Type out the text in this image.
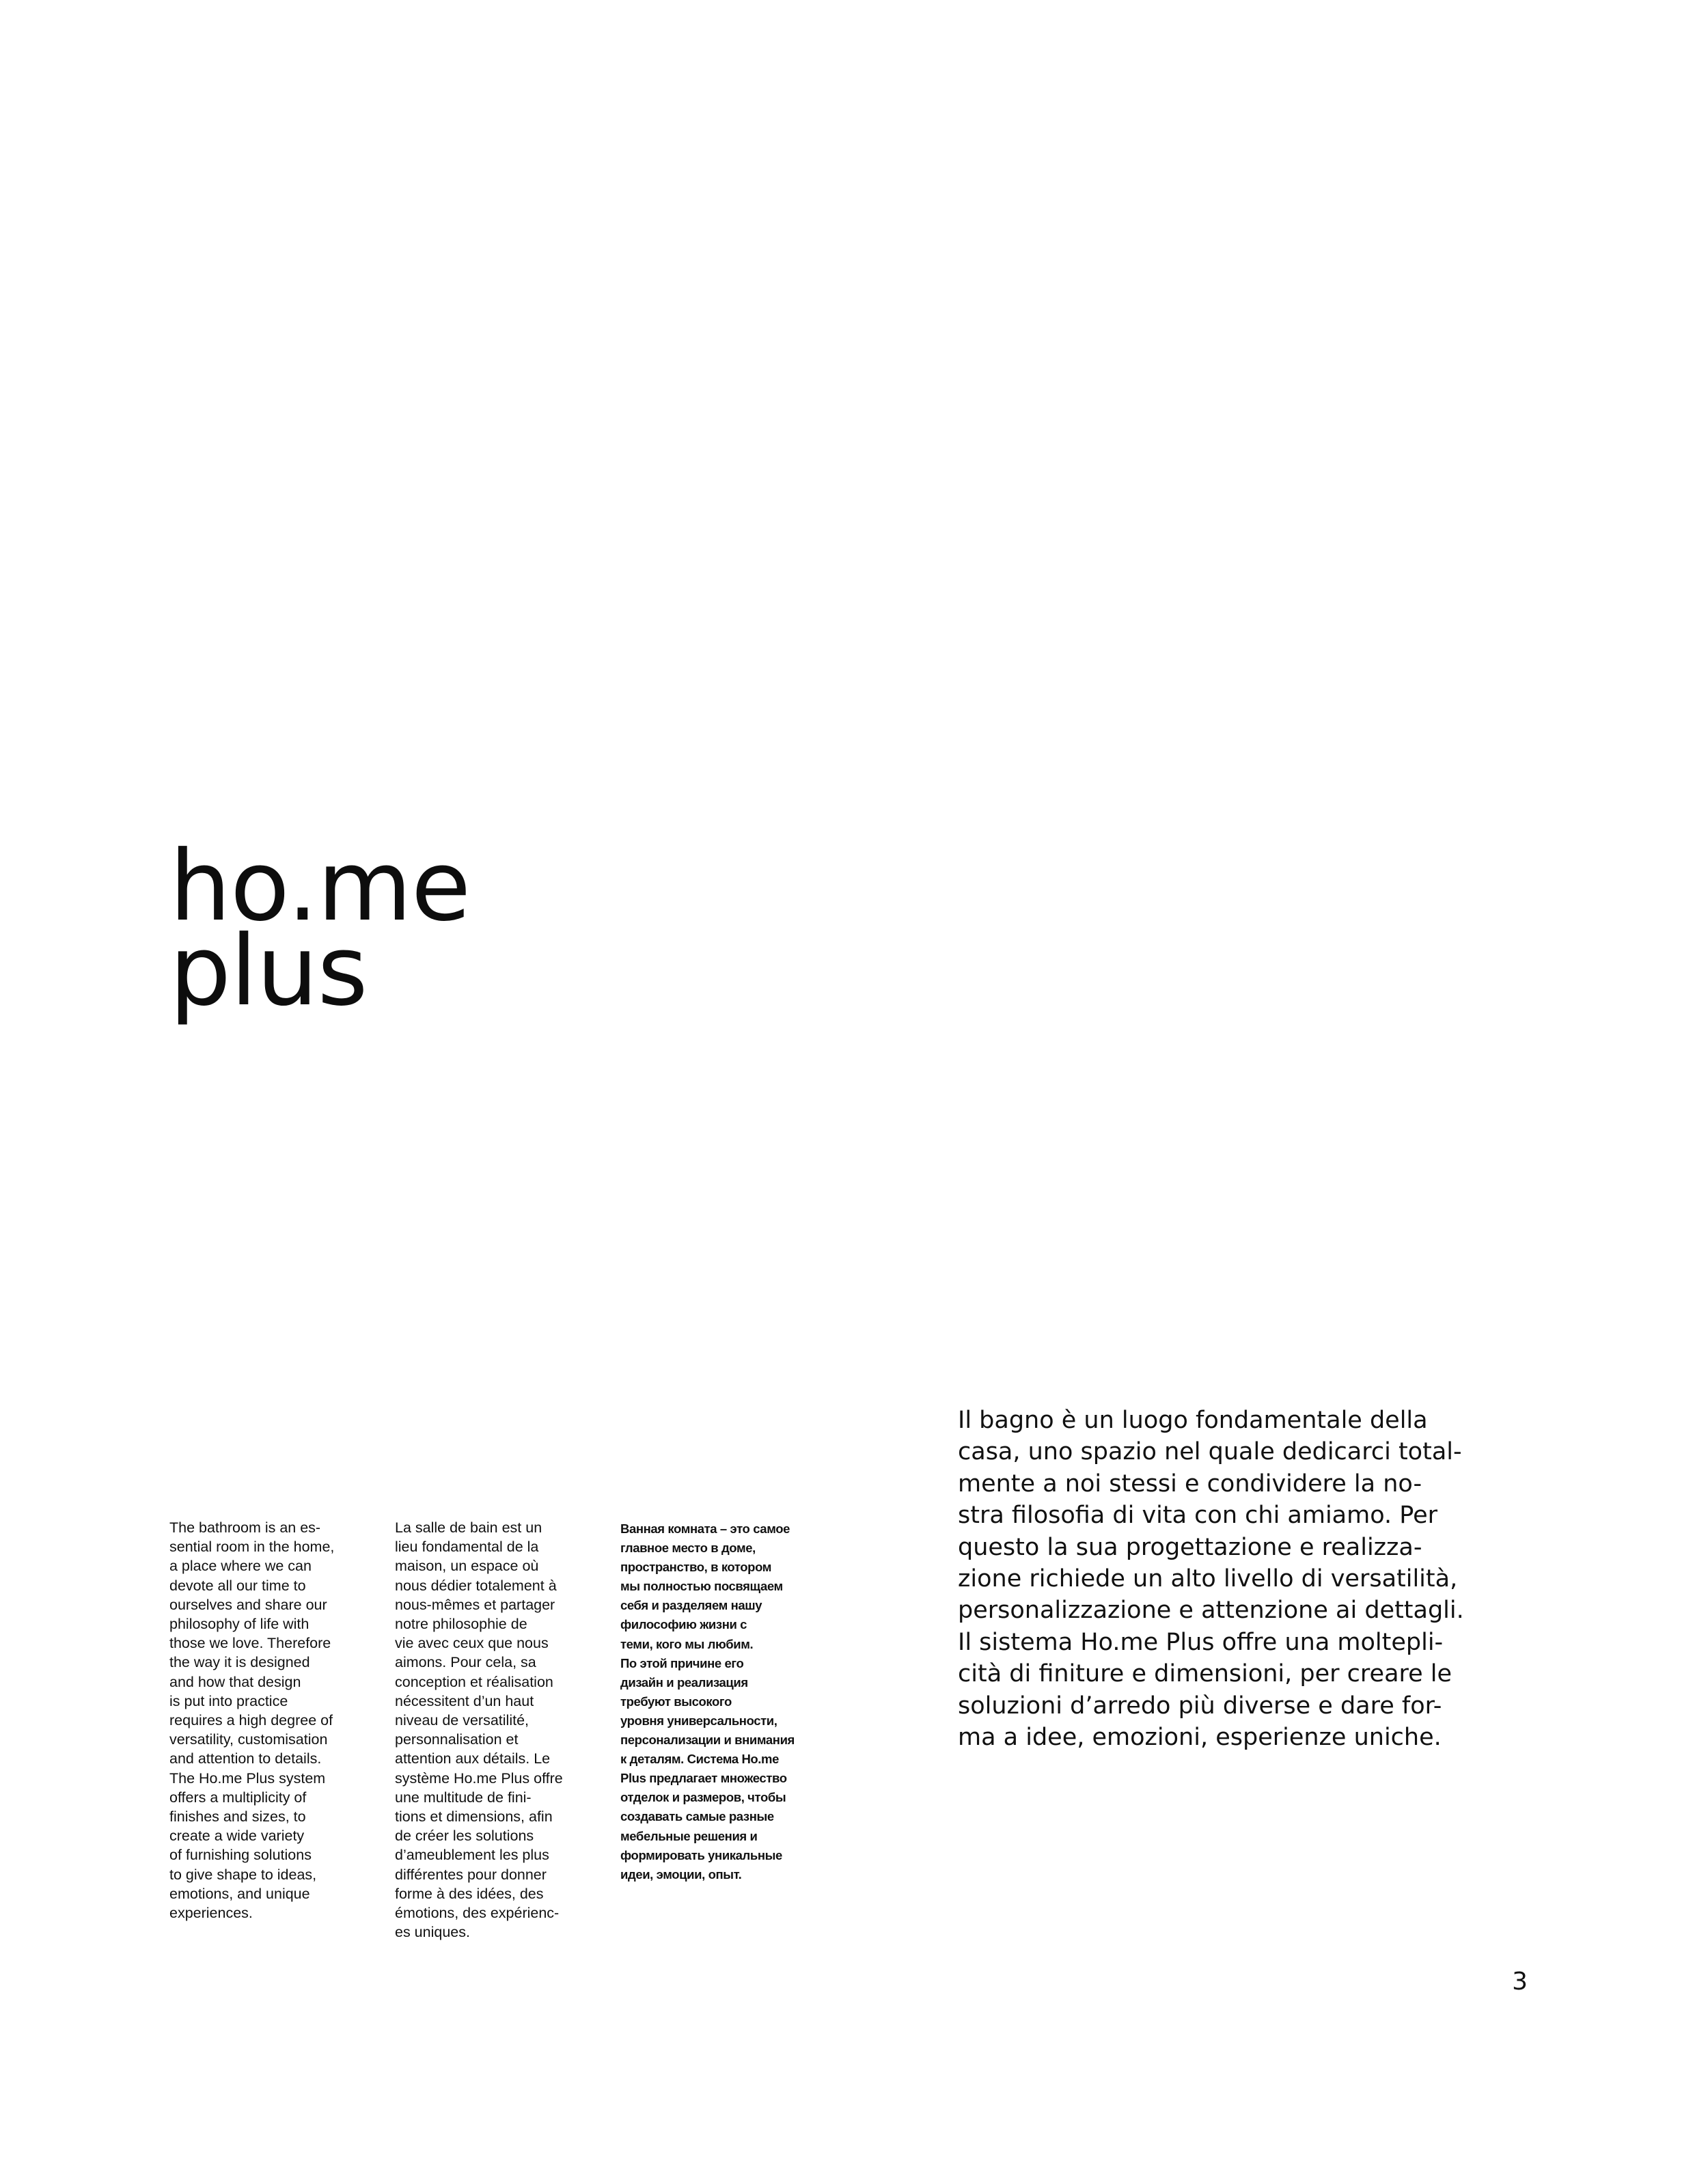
ho.me
plus

The bathroom is an es-
sential room in the home,
a place where we can
devote all our time to
ourselves and share our
philosophy of life with
those we love. Therefore
the way it is designed
and how that design
is put into practice
requires a high degree of
versatility, customisation
and attention to details.
The Ho.me Plus system
offers a multiplicity of
finishes and sizes, to
create a wide variety
of furnishing solutions
to give shape to ideas,
emotions, and unique
experiences.

La salle de bain est un
lieu fondamental de la
maison, un espace où
nous dédier totalement à
nous-mêmes et partager
notre philosophie de
vie avec ceux que nous
aimons. Pour cela, sa
conception et réalisation
nécessitent d’un haut
niveau de versatilité,
personnalisation et
attention aux détails. Le
système Ho.me Plus offre
une multitude de fini-
tions et dimensions, afin
de créer les solutions
d’ameublement les plus
différentes pour donner
forme à des idées, des
émotions, des expérienc-
es uniques.

Ванная комната – это самое
главное место в доме,
пространство, в котором
мы полностью посвящаем
себя и разделяем нашу
философию жизни с
теми, кого мы любим.
По этой причине его
дизайн и реализация
требуют высокого
уровня универсальности,
персонализации и внимания
к деталям. Система Ho.me
Plus предлагает множество
отделок и размеров, чтобы
создавать самые разные
мебельные решения и
формировать уникальные
идеи, эмоции, опыт.

Il bagno è un luogo fondamentale della
casa, uno spazio nel quale dedicarci total-
mente a noi stessi e condividere la no-
stra filosofia di vita con chi amiamo. Per
questo la sua progettazione e realizza-
zione richiede un alto livello di versatilità,
personalizzazione e attenzione ai dettagli.
Il sistema Ho.me Plus offre una moltepli-
cità di finiture e dimensioni, per creare le
soluzioni d’arredo più diverse e dare for-
ma a idee, emozioni, esperienze uniche.

3
